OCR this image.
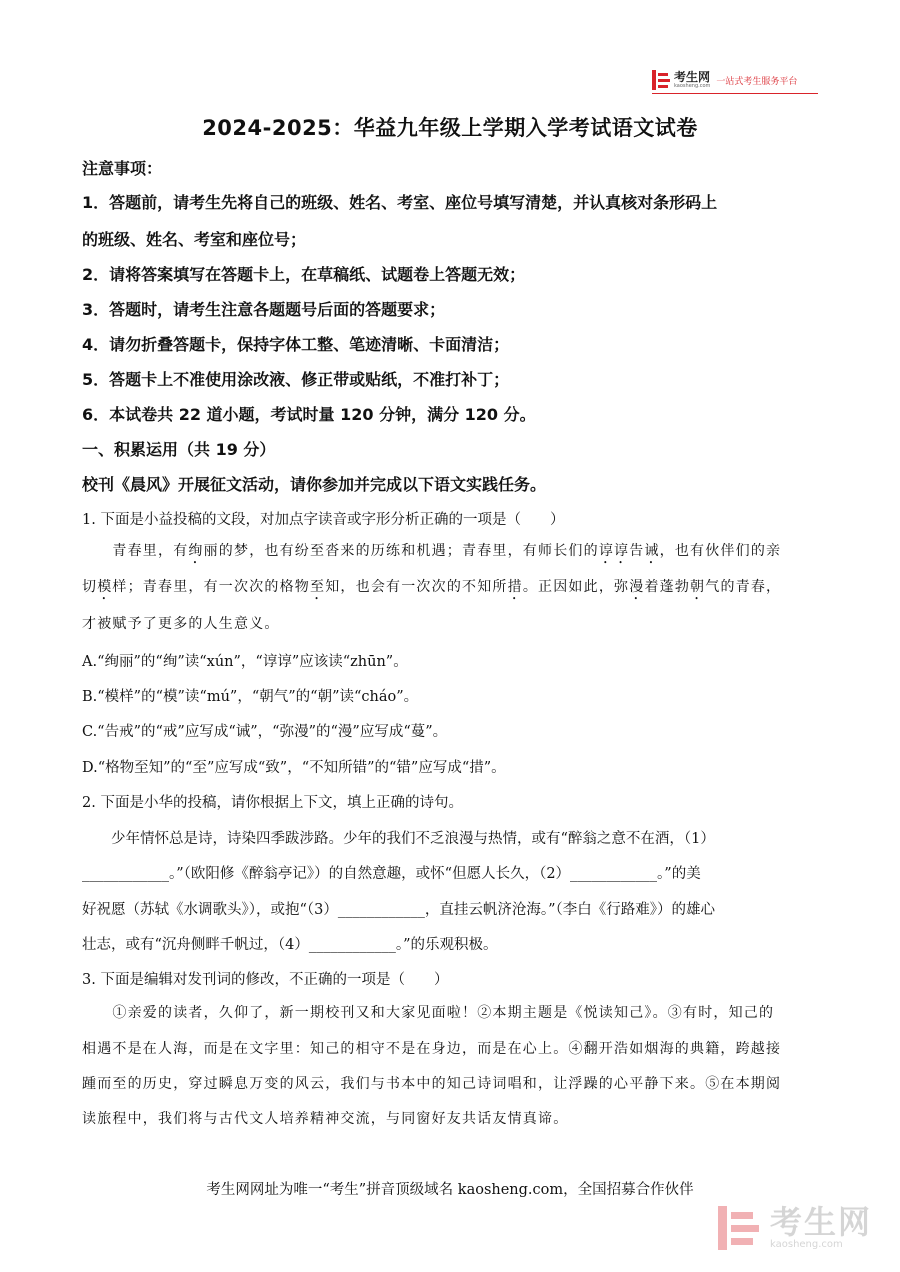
考生网
kaosheng.com 一站式考生服务平台
2024-2025：华益九年级上学期入学考试语文试卷
注意事项：
1．答题前，请考生先将自己的班级、姓名、考室、座位号填写清楚，并认真核对条形码上
的班级、姓名、考室和座位号；
2．请将答案填写在答题卡上，在草稿纸、试题卷上答题无效；
3．答题时，请考生注意各题题号后面的答题要求；
4．请勿折叠答题卡，保持字体工整、笔迹清晰、卡面清洁；
5．答题卡上不准使用涂改液、修正带或贴纸，不准打补丁；
6．本试卷共 22 道小题，考试时量 120 分钟，满分 120 分。
一、积累运用（共 19 分）
校刊《晨风》开展征文活动，请你参加并完成以下语文实践任务。
1. 下面是小益投稿的文段，对加点字读音或字形分析正确的一项是（　　）
　　青春里，有绚丽的梦，也有纷至沓来的历练和机遇；青春里，有师长们的谆谆告诫，也有伙伴们的亲
切模样；青春里，有一次次的格物至知，也会有一次次的不知所措。正因如此，弥漫着蓬勃朝气的青春，
才被赋予了更多的人生意义。
A.“绚丽”的“绚”读“xún”，“谆谆”应该读“zhūn”。
B.“模样”的“模”读“mú”，“朝气”的“朝”读“cháo”。
C.“告戒”的“戒”应写成“诫”，“弥漫”的“漫”应写成“蔓”。
D.“格物至知”的“至”应写成“致”，“不知所错”的“错”应写成“措”。
2. 下面是小华的投稿，请你根据上下文，填上正确的诗句。
　　少年情怀总是诗，诗染四季跋涉路。少年的我们不乏浪漫与热情，或有“醉翁之意不在酒，（1）
____________。”（欧阳修《醉翁亭记》）的自然意趣，或怀“但愿人长久，（2）____________。”的美
好祝愿（苏轼《水调歌头》），或抱“（3）____________，直挂云帆济沧海。”（李白《行路难》）的雄心
壮志，或有“沉舟侧畔千帆过，（4）____________。”的乐观积极。
3. 下面是编辑对发刊词的修改，不正确的一项是（　　）
　　①亲爱的读者，久仰了，新一期校刊又和大家见面啦！②本期主题是《悦读知己》。③有时，知己的
相遇不是在人海，而是在文字里：知己的相守不是在身边，而是在心上。④翻开浩如烟海的典籍，跨越接
踵而至的历史，穿过瞬息万变的风云，我们与书本中的知己诗词唱和，让浮躁的心平静下来。⑤在本期阅
读旅程中，我们将与古代文人培养精神交流，与同窗好友共话友情真谛。
考生网网址为唯一“考生”拼音顶级域名 kaosheng.com，全国招募合作伙伴
考生网
kaosheng.com
